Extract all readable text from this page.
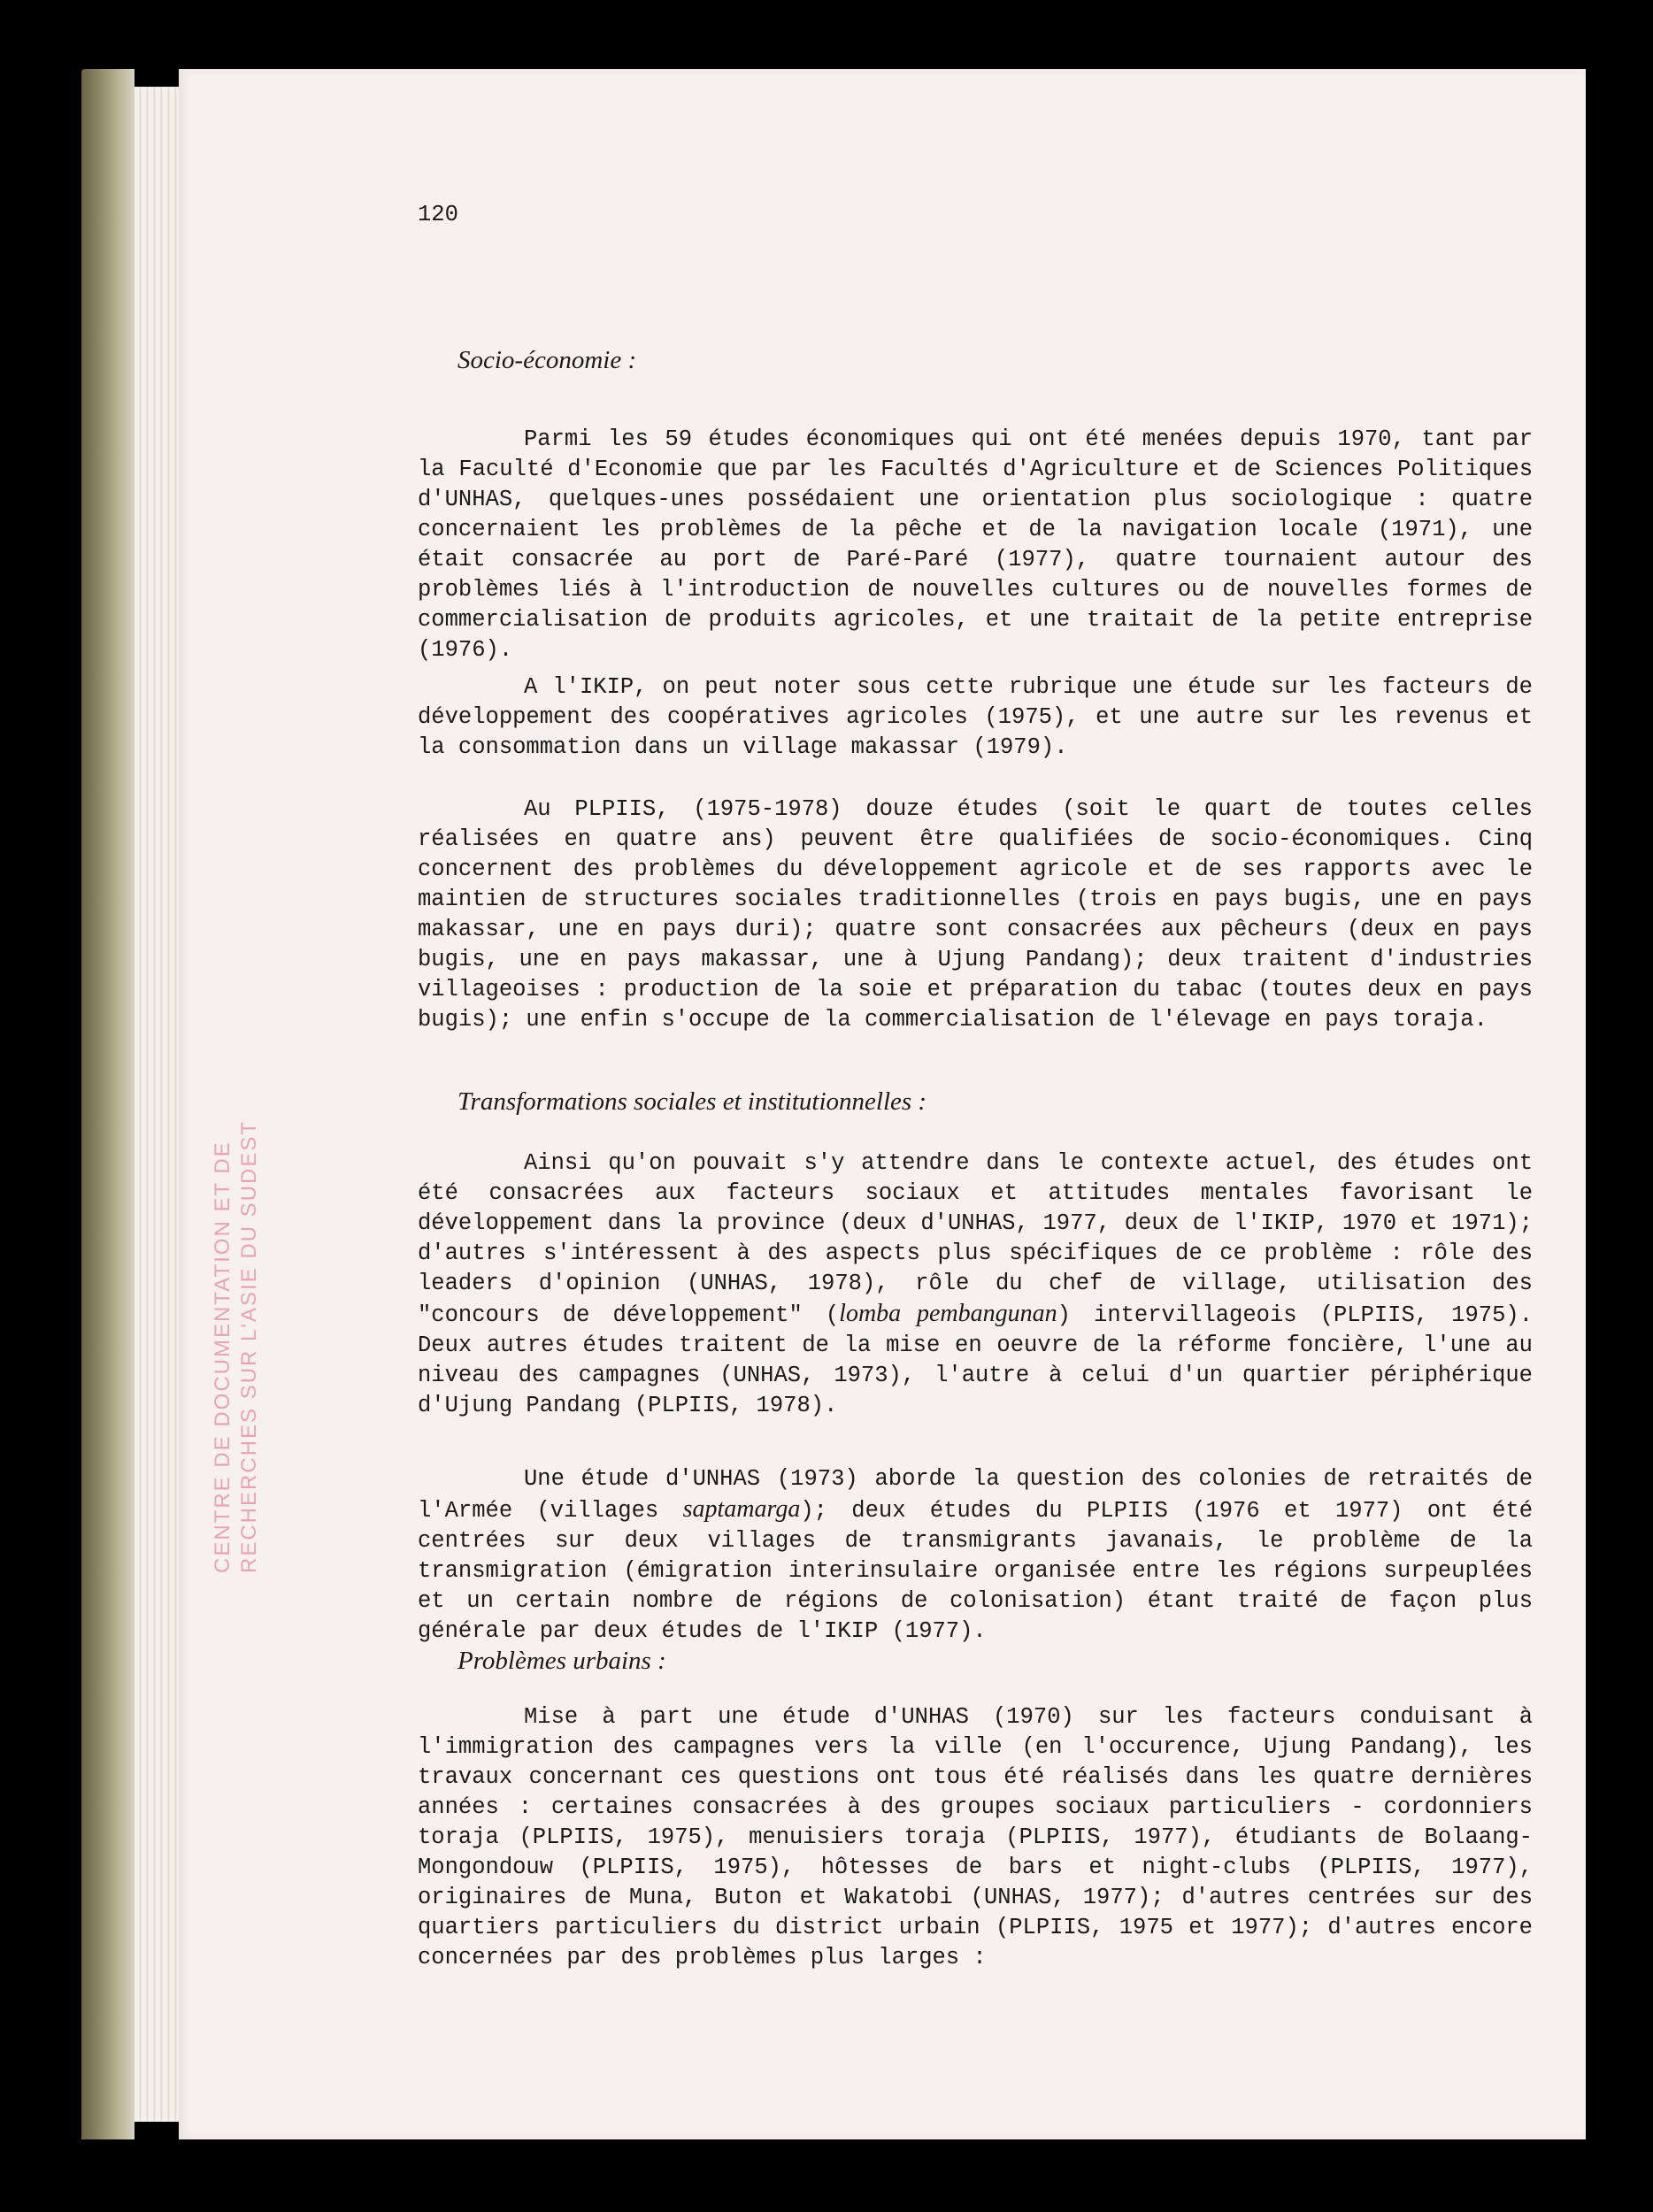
CENTRE DE DOCUMENTATION ET DE RECHERCHES SUR L'ASIE DU SUDEST
120
Socio-économie :
Parmi les 59 études économiques qui ont été menées depuis 1970, tant par la Faculté d'Economie que par les Facultés d'Agriculture et de Sciences Politiques d'UNHAS, quelques-unes possédaient une orientation plus sociologique : quatre concernaient les problèmes de la pêche et de la navigation locale (1971), une était consacrée au port de Paré-Paré (1977), quatre tournaient autour des problèmes liés à l'introduction de nouvelles cultures ou de nouvelles formes de commercialisation de produits agricoles, et une traitait de la petite entreprise (1976).
A l'IKIP, on peut noter sous cette rubrique une étude sur les facteurs de développement des coopératives agricoles (1975), et une autre sur les revenus et la consommation dans un village makassar (1979).
Au PLPIIS, (1975-1978) douze études (soit le quart de toutes celles réalisées en quatre ans) peuvent être qualifiées de socio-économiques. Cinq concernent des problèmes du développement agricole et de ses rapports avec le maintien de structures sociales traditionnelles (trois en pays bugis, une en pays makassar, une en pays duri); quatre sont consacrées aux pêcheurs (deux en pays bugis, une en pays makassar, une à Ujung Pandang); deux traitent d'industries villageoises : production de la soie et préparation du tabac (toutes deux en pays bugis); une enfin s'occupe de la commercialisation de l'élevage en pays toraja.
Transformations sociales et institutionnelles :
Ainsi qu'on pouvait s'y attendre dans le contexte actuel, des études ont été consacrées aux facteurs sociaux et attitudes mentales favorisant le développement dans la province (deux d'UNHAS, 1977, deux de l'IKIP, 1970 et 1971); d'autres s'intéressent à des aspects plus spécifiques de ce problème : rôle des leaders d'opinion (UNHAS, 1978), rôle du chef de village, utilisation des "concours de développement" (lomba pembangunan) intervillageois (PLPIIS, 1975). Deux autres études traitent de la mise en oeuvre de la réforme foncière, l'une au niveau des campagnes (UNHAS, 1973), l'autre à celui d'un quartier périphérique d'Ujung Pandang (PLPIIS, 1978).
Une étude d'UNHAS (1973) aborde la question des colonies de retraités de l'Armée (villages saptamarga); deux études du PLPIIS (1976 et 1977) ont été centrées sur deux villages de transmigrants javanais, le problème de la transmigration (émigration interinsulaire organisée entre les régions surpeuplées et un certain nombre de régions de colonisation) étant traité de façon plus générale par deux études de l'IKIP (1977).
Problèmes urbains :
Mise à part une étude d'UNHAS (1970) sur les facteurs conduisant à l'immigration des campagnes vers la ville (en l'occurence, Ujung Pandang), les travaux concernant ces questions ont tous été réalisés dans les quatre dernières années : certaines consacrées à des groupes sociaux particuliers - cordonniers toraja (PLPIIS, 1975), menuisiers toraja (PLPIIS, 1977), étudiants de Bolaang-Mongondouw (PLPIIS, 1975), hôtesses de bars et night-clubs (PLPIIS, 1977), originaires de Muna, Buton et Wakatobi (UNHAS, 1977); d'autres centrées sur des quartiers particuliers du district urbain (PLPIIS, 1975 et 1977); d'autres encore concernées par des problèmes plus larges :
